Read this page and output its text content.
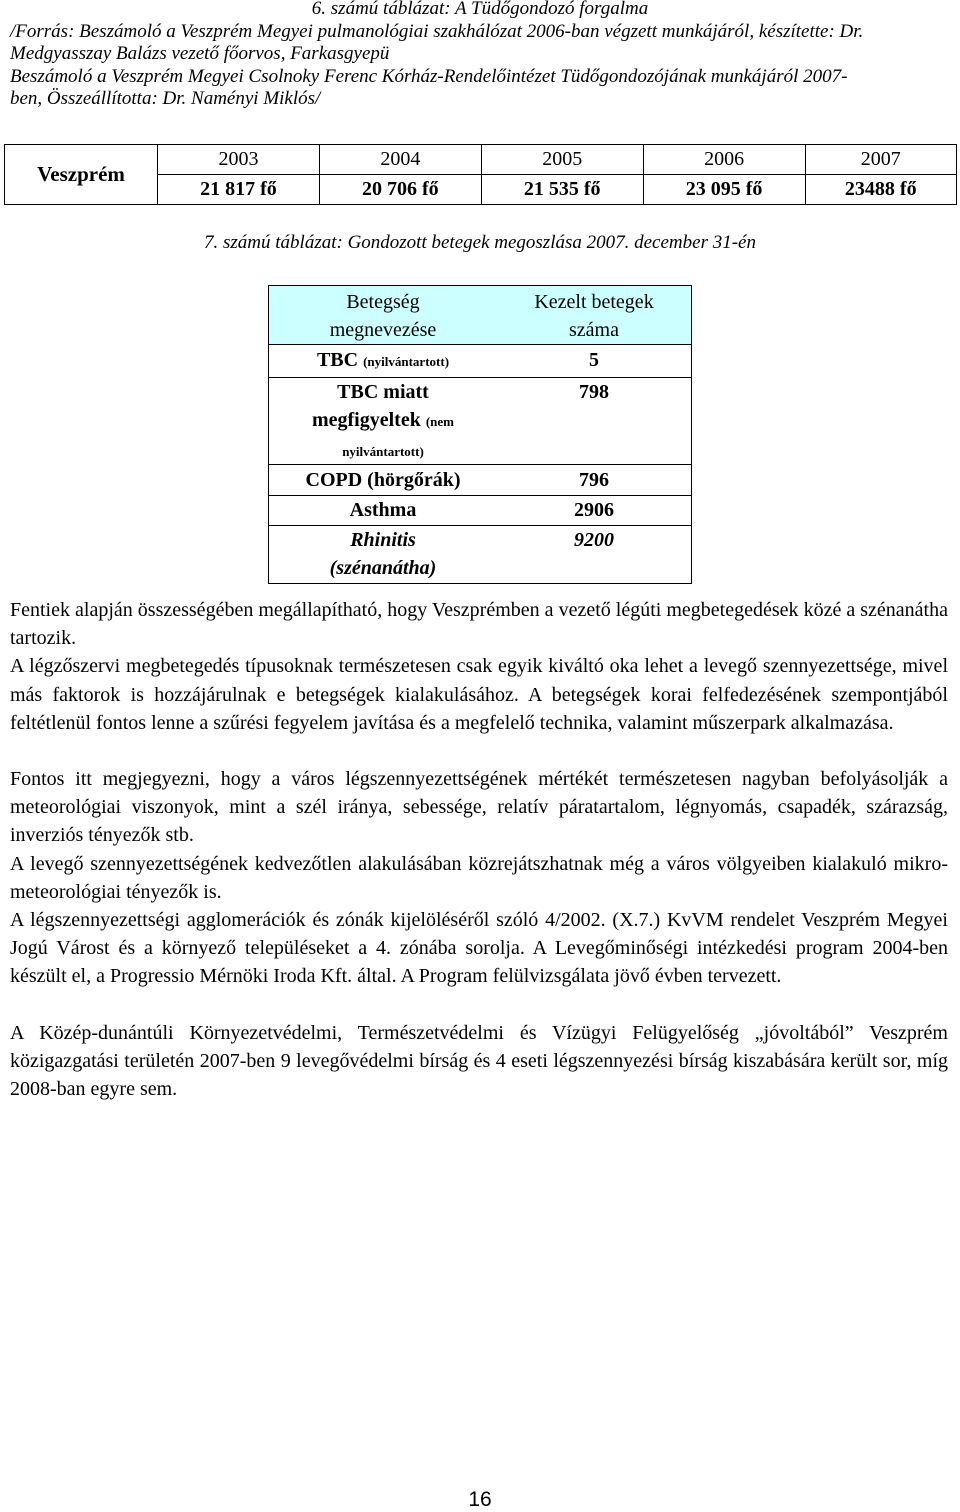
6. számú táblázat: A Tüdőgondozó forgalma
/Forrás: Beszámoló a Veszprém Megyei pulmanológiai szakhálózat 2006-ban végzett munkájáról, készítette: Dr.
Medgyasszay Balázs vezető főorvos, Farkasgyepü
Beszámoló a Veszprém Megyei Csolnoky Ferenc Kórház-Rendelőintézet Tüdőgondozójának munkájáról 2007-
ben, Összeállította: Dr. Naményi Miklós/
Veszprém	2003	2004	2005	2006	2007
	21 817 fő	20 706 fő	21 535 fő	23 095 fő	23488 fő
7. számú táblázat: Gondozott betegek megoszlása 2007. december 31-én
Betegség
megnevezése	Kezelt betegek
száma
TBC (nyilvántartott)	5
TBC miatt
megfigyeltek (nem
nyilvántartott)	798
COPD (hörgőrák)	796
Asthma	2906
Rhinitis
(szénanátha)	9200

Fentiek alapján összességében megállapítható, hogy Veszprémben a vezető légúti megbetegedések közé a szénanátha tartozik.

A légzőszervi megbetegedés típusoknak természetesen csak egyik kiváltó oka lehet a levegő szennyezettsége, mivel más faktorok is hozzájárulnak e betegségek kialakulásához. A betegségek korai felfedezésének szempontjából feltétlenül fontos lenne a szűrési fegyelem javítása és a megfelelő technika, valamint műszerpark alkalmazása.

Fontos itt megjegyezni, hogy a város légszennyezettségének mértékét természetesen nagyban befolyásolják a meteorológiai viszonyok, mint a szél iránya, sebessége, relatív páratartalom, légnyomás, csapadék, szárazság, inverziós tényezők stb.

A levegő szennyezettségének kedvezőtlen alakulásában közrejátszhatnak még a város völgyeiben kialakuló mikro-meteorológiai tényezők is.

A légszennyezettségi agglomerációk és zónák kijelöléséről szóló 4/2002. (X.7.) KvVM rendelet Veszprém Megyei Jogú Várost és a környező településeket a 4. zónába sorolja. A Levegőminőségi intézkedési program 2004-ben készült el, a Progressio Mérnöki Iroda Kft. által. A Program felülvizsgálata jövő évben tervezett.

A Közép-dunántúli Környezetvédelmi, Természetvédelmi és Vízügyi Felügyelőség „jóvoltából” Veszprém közigazgatási területén 2007-ben 9 levegővédelmi bírság és 4 eseti légszennyezési bírság kiszabására került sor, míg 2008-ban egyre sem.

16
